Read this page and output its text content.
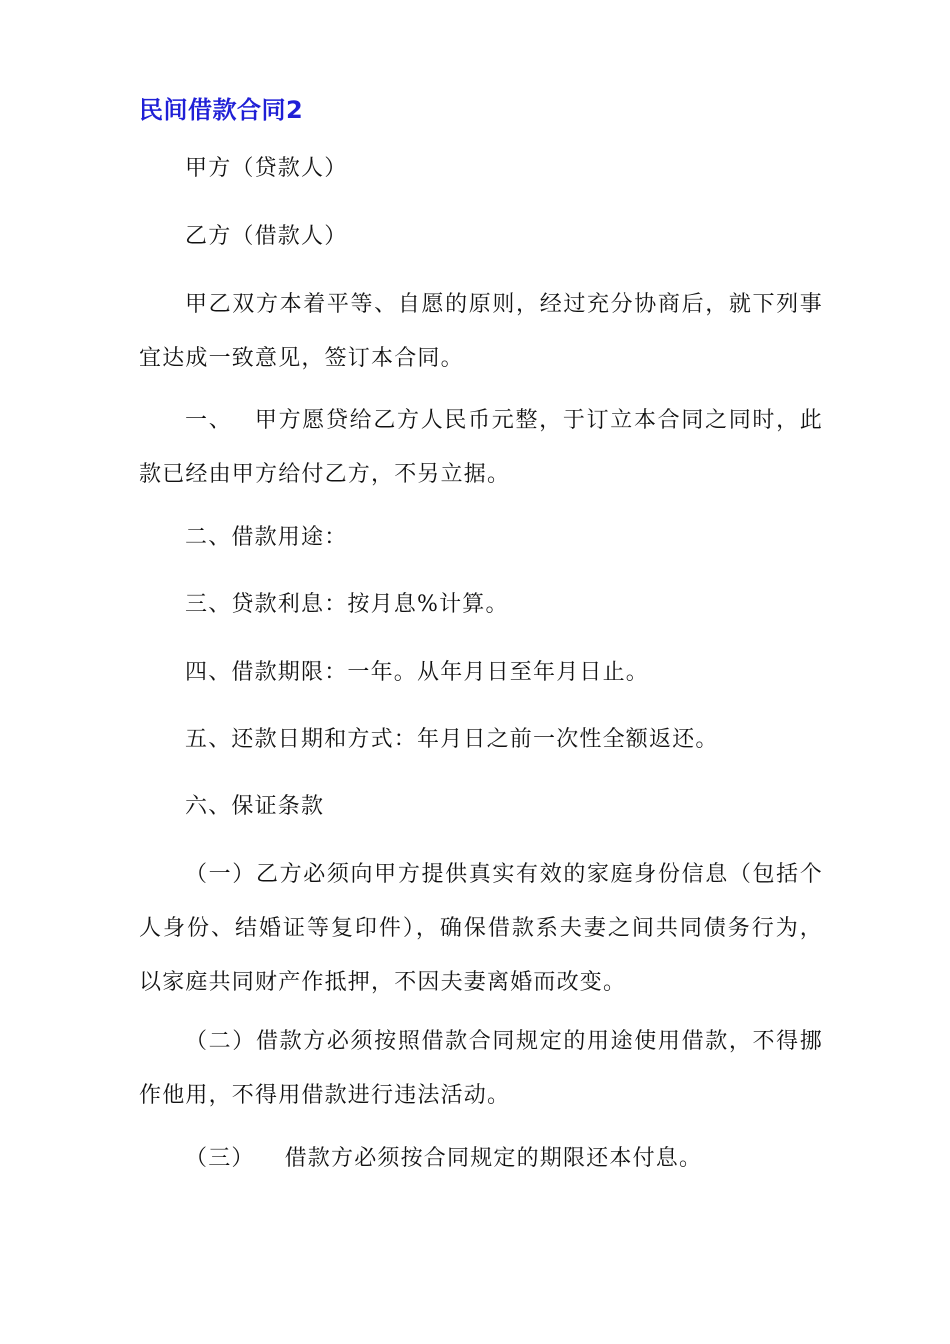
民间借款合同2

甲方（贷款人）

乙方（借款人）

甲乙双方本着平等、自愿的原则，经过充分协商后，就下列事宜达成一致意见，签订本合同。

一、 甲方愿贷给乙方人民币元整，于订立本合同之同时，此款已经由甲方给付乙方，不另立据。

二、借款用途：

三、贷款利息：按月息%计算。

四、借款期限：一年。从年月日至年月日止。

五、还款日期和方式：年月日之前一次性全额返还。

六、保证条款

（一）乙方必须向甲方提供真实有效的家庭身份信息（包括个人身份、结婚证等复印件），确保借款系夫妻之间共同债务行为，以家庭共同财产作抵押，不因夫妻离婚而改变。

（二）借款方必须按照借款合同规定的用途使用借款，不得挪作他用，不得用借款进行违法活动。

（三） 借款方必须按合同规定的期限还本付息。
